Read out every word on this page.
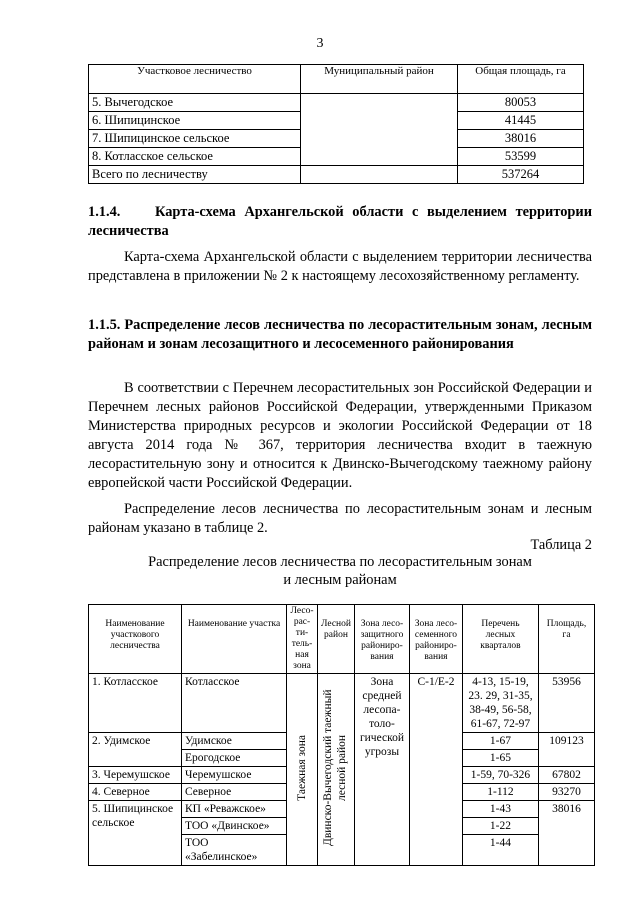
3
Участковое лесничество	Муниципальный район	Общая площадь, га
5. Вычегодское		80053
6. Шипицинское		41445
7. Шипицинское сельское		38016
8. Котласское сельское		53599
Всего по лесничеству		537264
1.1.4.    Карта-схема Архангельской области с выделением территории лесничества
Карта-схема Архангельской области с выделением территории лесничества представлена в приложении № 2 к настоящему лесохозяйственному регламенту.
1.1.5. Распределение лесов лесничества по лесорастительным зонам, лесным районам и зонам лесозащитного и лесосеменного районирования
В соответствии с Перечнем лесорастительных зон Российской Федерации и Перечнем лесных районов Российской Федерации, утвержденными Приказом Министерства природных ресурсов и экологии Российской Федерации от 18 августа 2014 года № 367, территория лесничества входит в таежную лесорастительную зону и относится к Двинско-Вычегодскому таежному району европейской части Российской Федерации.
Распределение лесов лесничества по лесорастительным зонам и лесным районам указано в таблице 2.
Таблица 2
Распределение лесов лесничества по лесорастительным зонам
и лесным районам
Наименование участкового лесничества	Наименование участка	Лесо-рас-ти-тель-ная зона	Лесной район	Зона лесо-защитного райониро-вания	Зона лесо-семенного райониро-вания	Перечень лесных кварталов	Площадь, га
1. Котласское	Котласское	Таежная зона	Двинско-Вычегодский таежный лесной район	Зона средней лесопа-толо-гической угрозы	С-1/Е-2	4-13, 15-19, 23. 29, 31-35, 38-49, 56-58, 61-67, 72-97	53956
2. Удимское	Удимское					1-67	109123
	Ерогодское					1-65	
3. Черемушское	Черемушское					1-59, 70-326	67802
4. Северное	Северное					1-112	93270
5. Шипицинское сельское	КП «Реважское»					1-43	38016
	ТОО «Двинское»					1-22	
	ТОО «Забелинское»					1-44	
